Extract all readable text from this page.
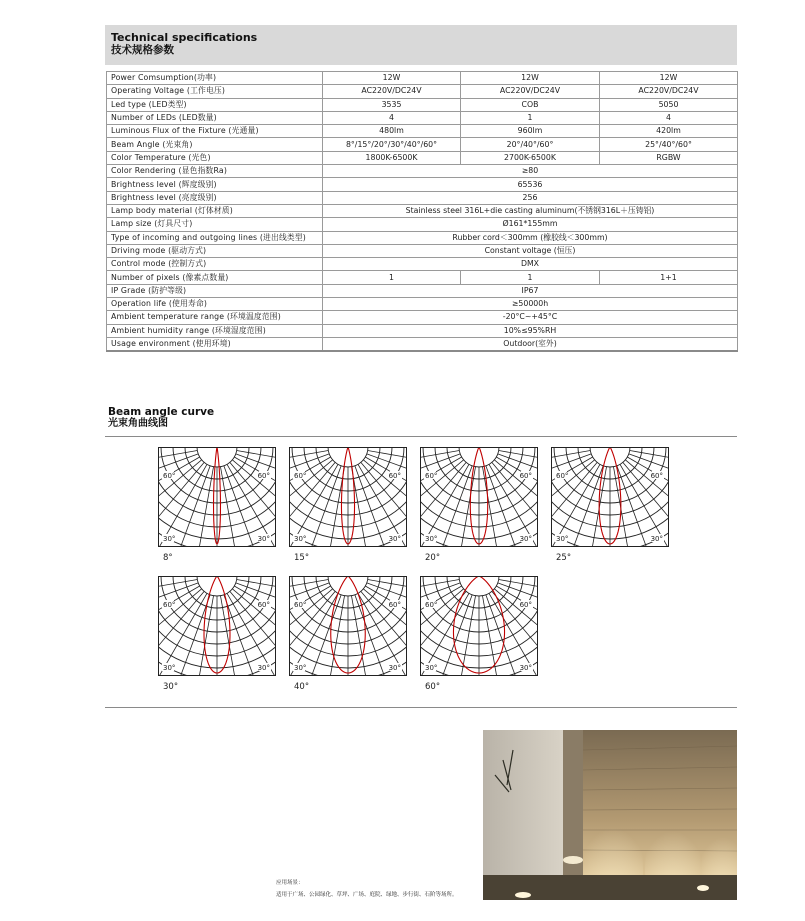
Technical specifications
技术规格参数
Power Comsumption(功率)	12W	12W	12W
Operating Voltage (工作电压)	AC220V/DC24V	AC220V/DC24V	AC220V/DC24V
Led type (LED类型)	3535	COB	5050
Number of LEDs (LED数量)	4	1	4
Luminous Flux of the Fixture (光通量)	480lm	960lm	420lm
Beam Angle (光束角)	8°/15°/20°/30°/40°/60°	20°/40°/60°	25°/40°/60°
Color Temperature (光色)	1800K-6500K	2700K-6500K	RGBW
Color Rendering (显色指数Ra)	≥80		
Brightness level (辉度级别)	65536		
Brightness level (亮度级别)	256		
Lamp body material (灯体材质)	Stainless steel 316L+die casting aluminum(不锈钢316L＋压铸铝)		
Lamp size (灯具尺寸)	Ø161*155mm		
Type of incoming and outgoing lines (进出线类型)	Rubber cord＜300mm (橡胶线＜300mm)		
Driving mode (驱动方式)	Constant voltage (恒压)		
Control mode (控制方式)	DMX		
Number of pixels (像素点数量)	1	1	1+1
IP Grade (防护等级)	IP67		
Operation life (使用寿命)	≥50000h		
Ambient temperature range (环境温度范围)	-20°C~+45°C		
Ambient humidity range (环境湿度范围)	10%≤95%RH		
Usage environment (使用环境)	Outdoor(室外)		
Beam angle curve
光束角曲线图
60°	60°
30°	30°
8°
60°	60°
30°	30°
15°
60°	60°
30°	30°
20°
60°	60°
30°	30°
25°
60°	60°
30°	30°
30°
60°	60°
30°	30°
40°
60°	60°
30°	30°
60°
应用场景：
适用于广场、公园绿化、草坪、广场、庭院、绿地、步行街、石阶等场所。
